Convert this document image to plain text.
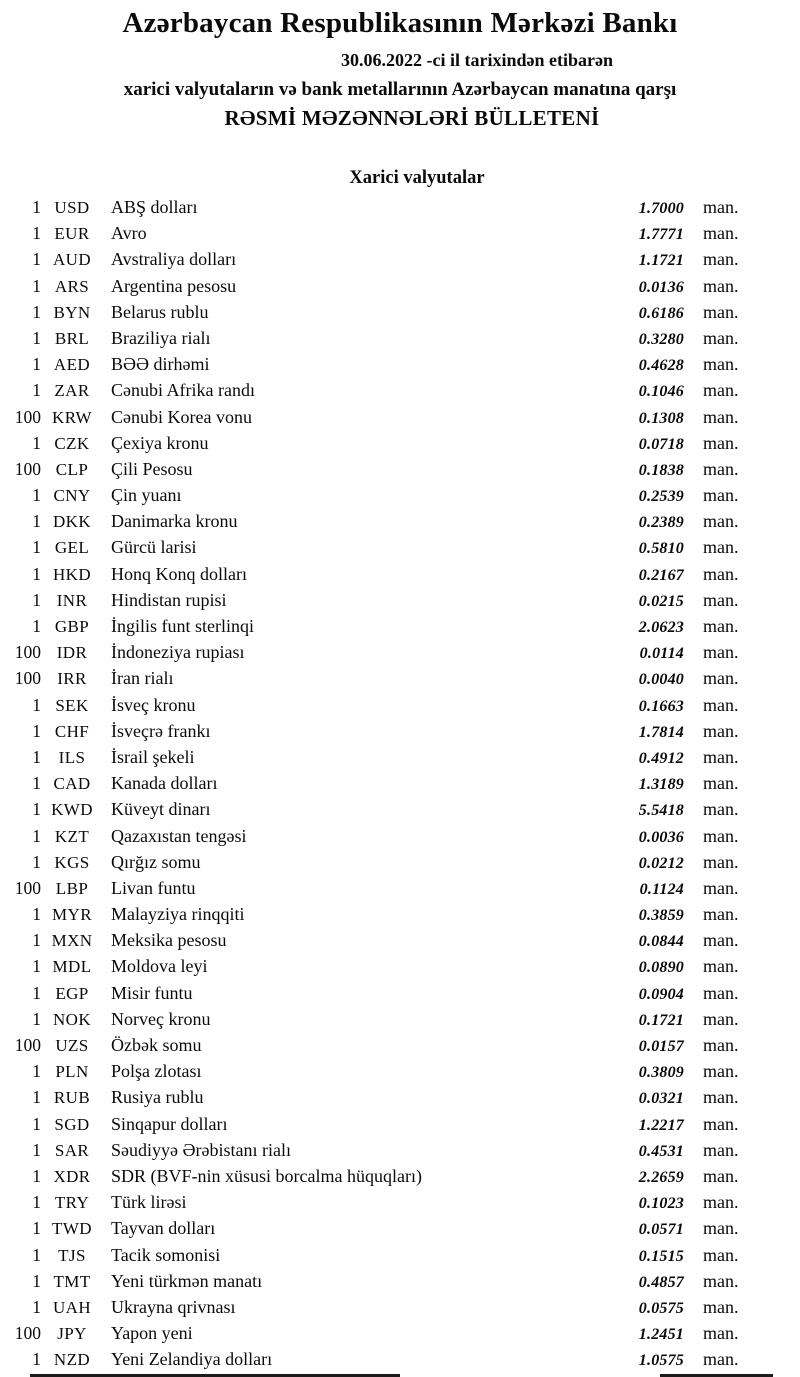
Azərbaycan Respublikasının Mərkəzi Bankı
30.06.2022 -ci il tarixindən etibarən
xarici valyutaların və bank metallarının Azərbaycan manatına qarşı
RƏSMİ MƏZƏNNƏLƏRİ BÜLLETENİ
Xarici valyutalar
1 USD	ABŞ dolları	1.7000	man.
1 EUR	Avro	1.7771	man.
1 AUD	Avstraliya dolları	1.1721	man.
1 ARS	Argentina pesosu	0.0136	man.
1 BYN	Belarus rublu	0.6186	man.
1 BRL	Braziliya rialı	0.3280	man.
1 AED	BƏƏ dirhəmi	0.4628	man.
1 ZAR	Cənubi Afrika randı	0.1046	man.
100 KRW	Cənubi Korea vonu	0.1308	man.
1 CZK	Çexiya kronu	0.0718	man.
100 CLP	Çili Pesosu	0.1838	man.
1 CNY	Çin yuanı	0.2539	man.
1 DKK	Danimarka kronu	0.2389	man.
1 GEL	Gürcü larisi	0.5810	man.
1 HKD	Honq Konq dolları	0.2167	man.
1 INR	Hindistan rupisi	0.0215	man.
1 GBP	İngilis funt sterlinqi	2.0623	man.
100 IDR	İndoneziya rupiası	0.0114	man.
100 IRR	İran rialı	0.0040	man.
1 SEK	İsveç kronu	0.1663	man.
1 CHF	İsveçrə frankı	1.7814	man.
1	ILS	İsrail şekeli	0.4912	man.
1 CAD	Kanada dolları	1.3189	man.
1 KWD	Küveyt dinarı	5.5418	man.
1 KZT	Qazaxıstan tengəsi	0.0036	man.
1 KGS	Qırğız somu	0.0212	man.
100 LBP	Livan funtu	0.1124	man.
1 MYR	Malayziya rinqqiti	0.3859	man.
1 MXN	Meksika pesosu	0.0844	man.
1 MDL	Moldova leyi	0.0890	man.
1 EGP	Misir funtu	0.0904	man.
1 NOK	Norveç kronu	0.1721	man.
100 UZS	Özbək somu	0.0157	man.
1 PLN	Polşa zlotası	0.3809	man.
1 RUB	Rusiya rublu	0.0321	man.
1 SGD	Sinqapur dolları	1.2217	man.
1 SAR	Səudiyyə Ərəbistanı rialı	0.4531	man.
1 XDR	SDR (BVF-nin xüsusi borcalma hüquqları)	2.2659	man.
1 TRY	Türk lirəsi	0.1023	man.
1 TWD	Tayvan dolları	0.0571	man.
1	TJS	Tacik somonisi	0.1515	man.
1 TMT	Yeni türkmən manatı	0.4857	man.
1 UAH	Ukrayna qrivnası	0.0575	man.
100 JPY	Yapon yeni	1.2451	man.
1 NZD	Yeni Zelandiya dolları	1.0575	man.
